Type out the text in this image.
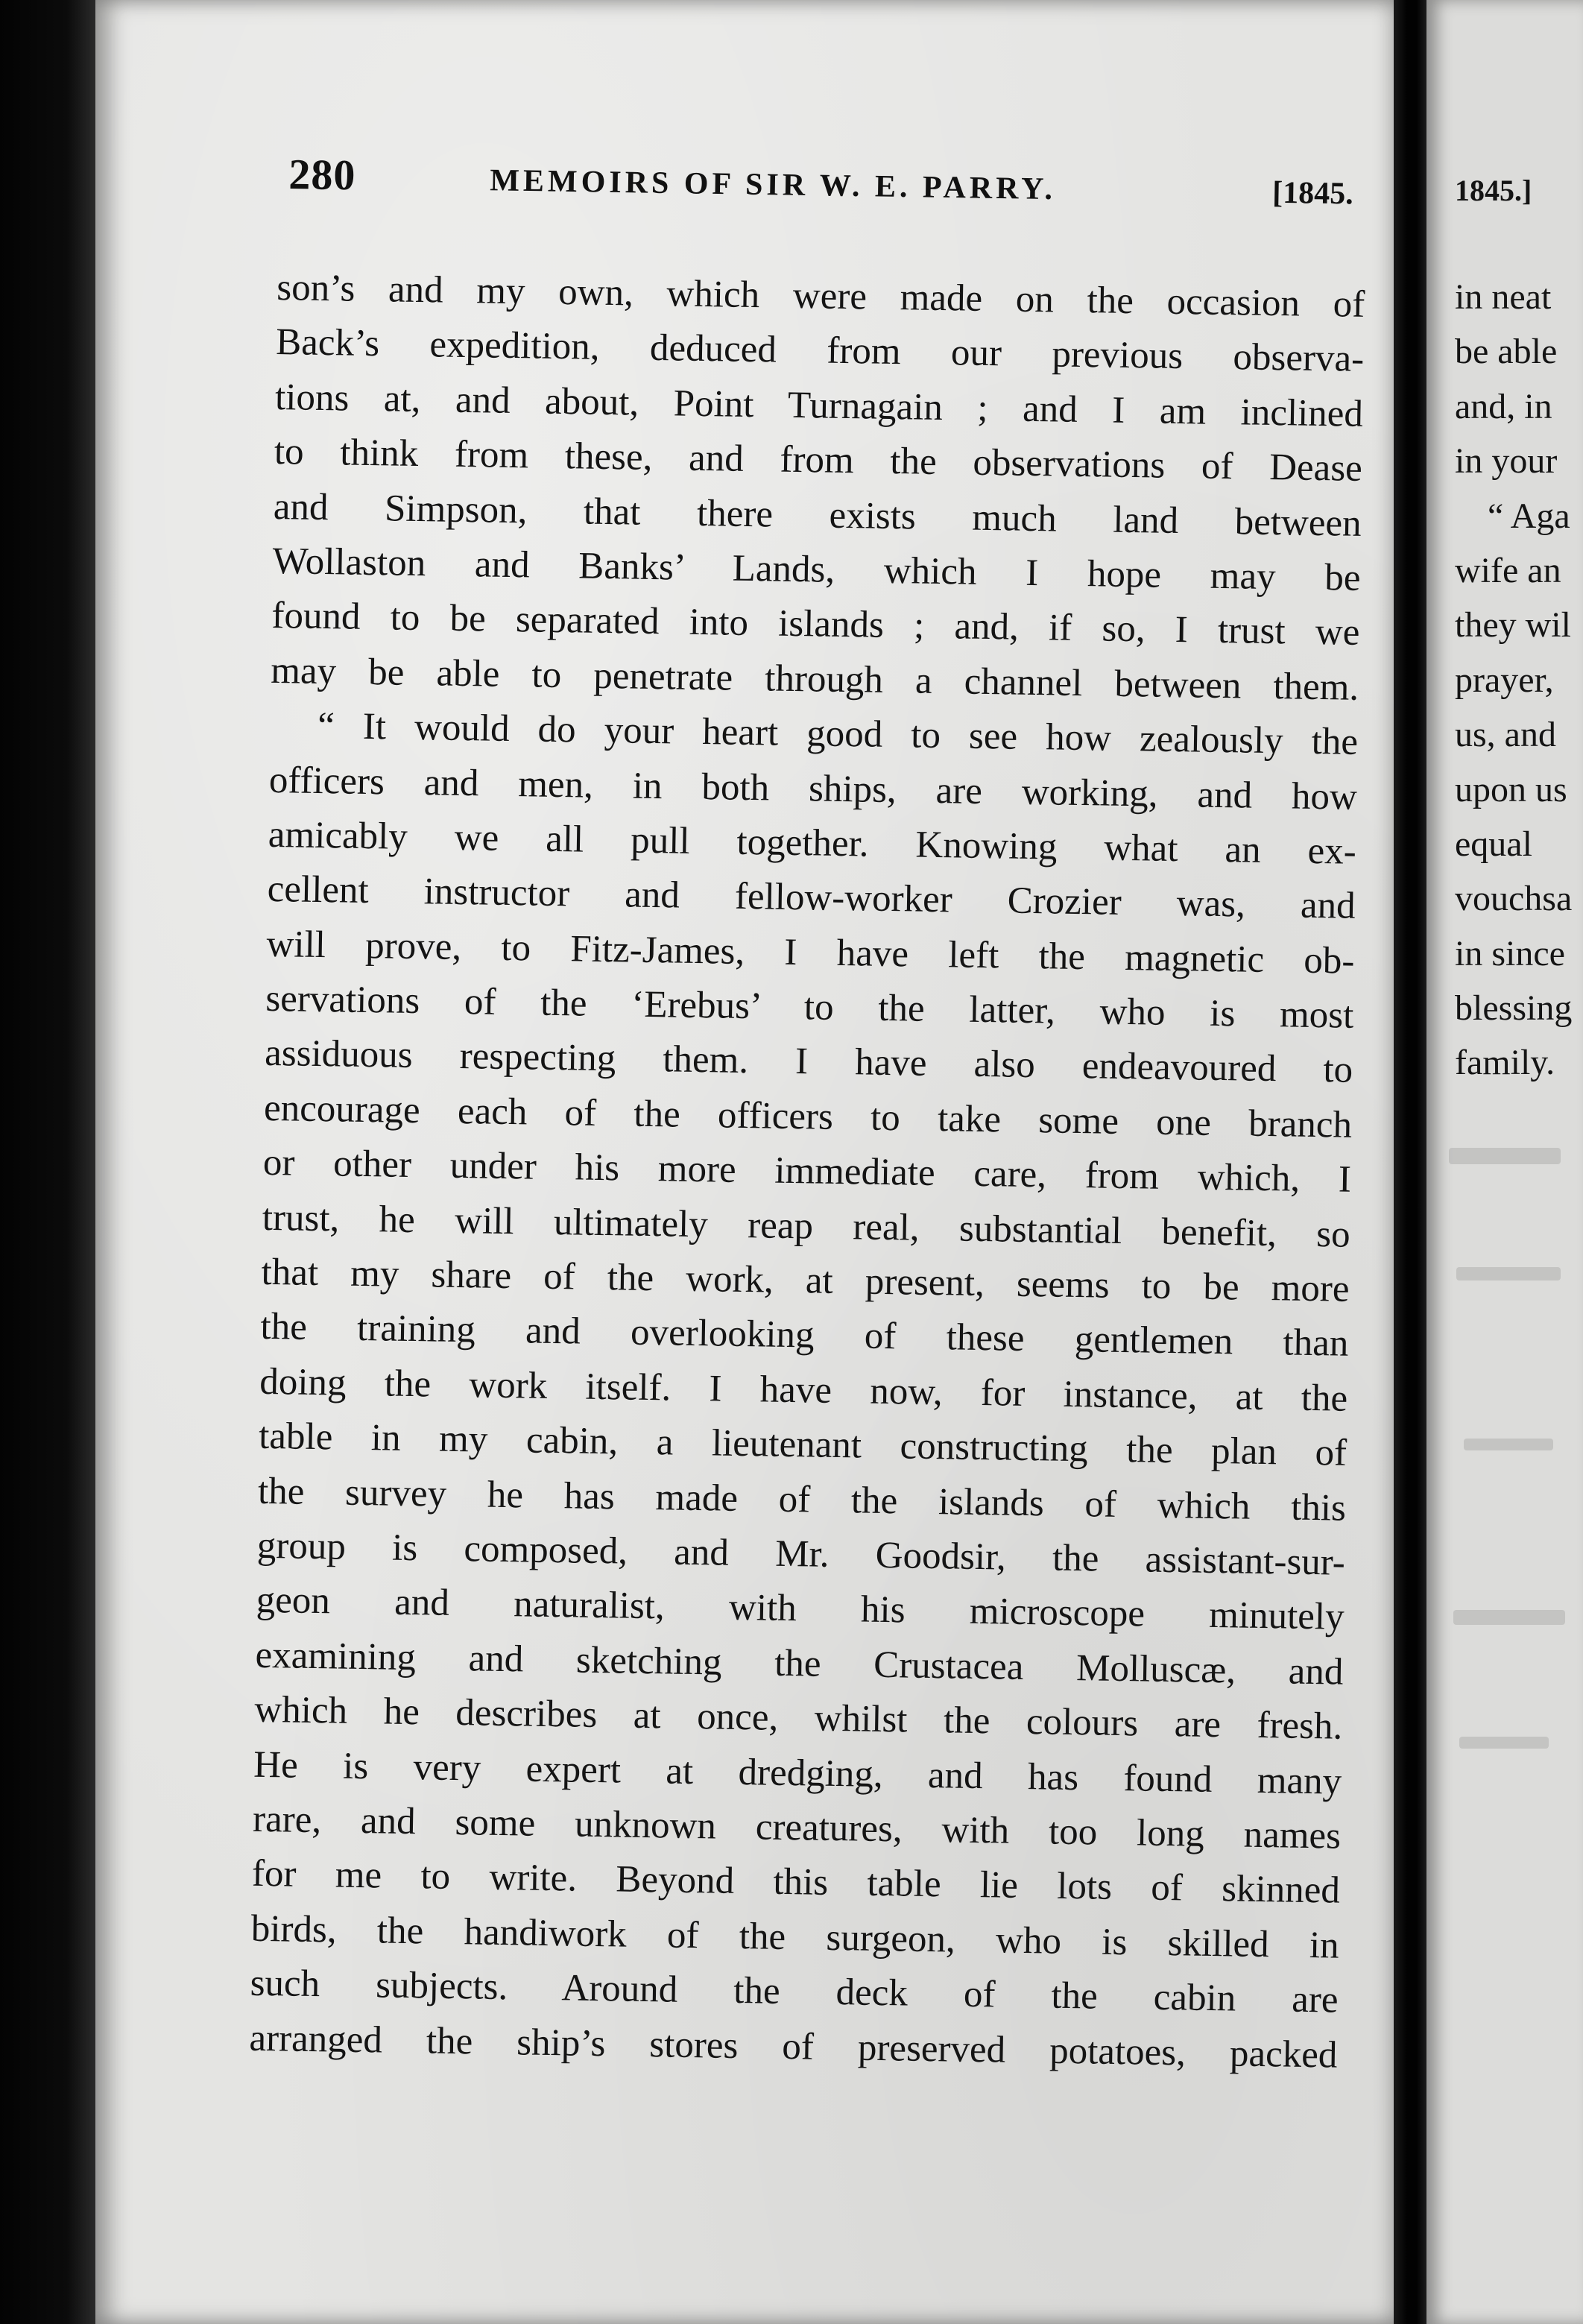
280	MEMOIRS OF SIR W. E. PARRY.	[1845.
son’s and my own, which were made on the occasion of
Back’s expedition, deduced from our previous observa-
tions at, and about, Point Turnagain ; and I am inclined
to think from these, and from the observations of Dease
and Simpson, that there exists much land between
Wollaston and Banks’ Lands, which I hope may be
found to be separated into islands ; and, if so, I trust we
may be able to penetrate through a channel between them.
“ It would do your heart good to see how zealously the
officers and men, in both ships, are working, and how
amicably we all pull together. Knowing what an ex-
cellent instructor and fellow-worker Crozier was, and
will prove, to Fitz-James, I have left the magnetic ob-
servations of the ‘Erebus’ to the latter, who is most
assiduous respecting them. I have also endeavoured to
encourage each of the officers to take some one branch
or other under his more immediate care, from which, I
trust, he will ultimately reap real, substantial benefit, so
that my share of the work, at present, seems to be more
the training and overlooking of these gentlemen than
doing the work itself. I have now, for instance, at the
table in my cabin, a lieutenant constructing the plan of
the survey he has made of the islands of which this
group is composed, and Mr. Goodsir, the assistant-sur-
geon and naturalist, with his microscope minutely
examining and sketching the Crustacea Molluscæ, and
which he describes at once, whilst the colours are fresh.
He is very expert at dredging, and has found many
rare, and some unknown creatures, with too long names
for me to write. Beyond this table lie lots of skinned
birds, the handiwork of the surgeon, who is skilled in
such subjects. Around the deck of the cabin are
arranged the ship’s stores of preserved potatoes, packed
1845.]
in neat
be able
and, in
in your
“ Aga
wife an
they wil
prayer,
us, and
upon us
equal
vouchsa
in since
blessing
family.
